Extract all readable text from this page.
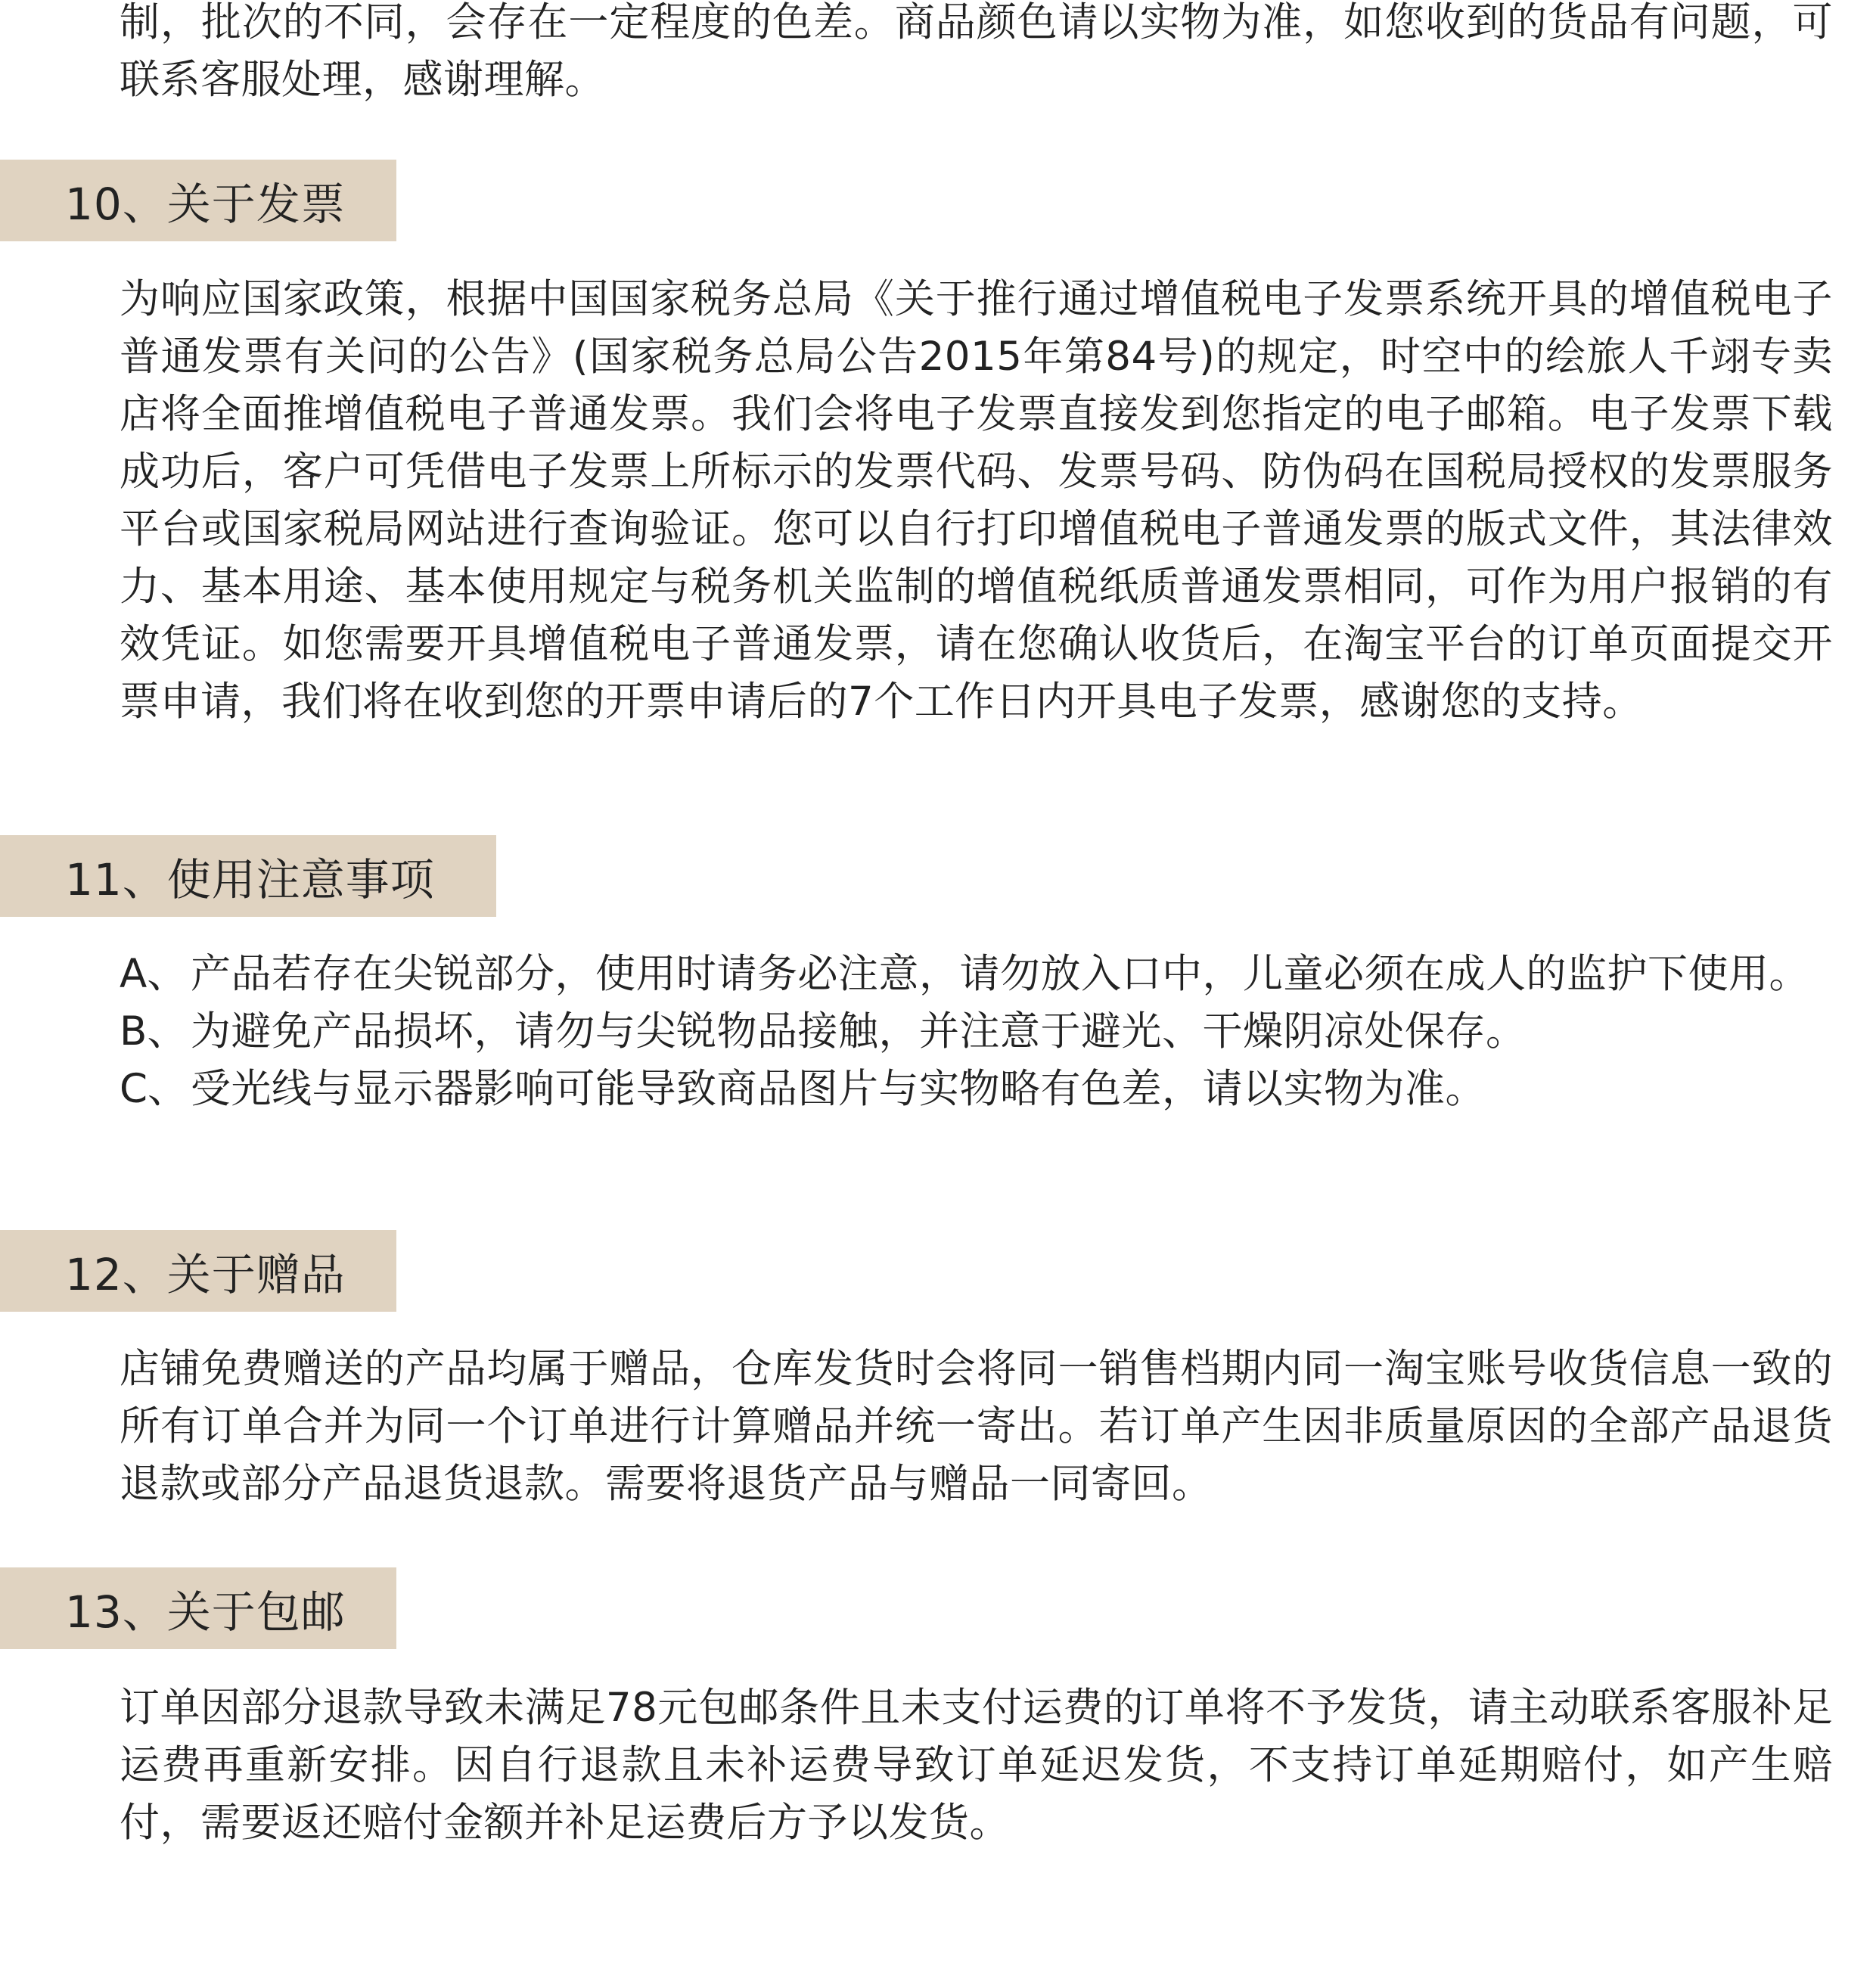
制，批次的不同，会存在一定程度的色差。商品颜色请以实物为准，如您收到的货品有问题，可联系客服处理，感谢理解。

10、关于发票

为响应国家政策，根据中国国家税务总局《关于推行通过增值税电子发票系统开具的增值税电子普通发票有关问的公告》(国家税务总局公告2015年第84号)的规定，时空中的绘旅人千翊专卖店将全面推增值税电子普通发票。我们会将电子发票直接发到您指定的电子邮箱。电子发票下载成功后，客户可凭借电子发票上所标示的发票代码、发票号码、防伪码在国税局授权的发票服务平台或国家税局网站进行查询验证。您可以自行打印增值税电子普通发票的版式文件，其法律效力、基本用途、基本使用规定与税务机关监制的增值税纸质普通发票相同，可作为用户报销的有效凭证。如您需要开具增值税电子普通发票，请在您确认收货后，在淘宝平台的订单页面提交开票申请，我们将在收到您的开票申请后的7个工作日内开具电子发票，感谢您的支持。

11、使用注意事项
A、 产品若存在尖锐部分，使用时请务必注意，请勿放入口中，儿童必须在成人的监护下使用。
B、 为避免产品损坏，请勿与尖锐物品接触，并注意于避光、干燥阴凉处保存。
C、 受光线与显示器影响可能导致商品图片与实物略有色差，请以实物为准。
12、关于赠品

店铺免费赠送的产品均属于赠品，仓库发货时会将同一销售档期内同一淘宝账号收货信息一致的所有订单合并为同一个订单进行计算赠品并统一寄出。若订单产生因非质量原因的全部产品退货退款或部分产品退货退款。需要将退货产品与赠品一同寄回。

13、关于包邮

订单因部分退款导致未满足78元包邮条件且未支付运费的订单将不予发货，请主动联系客服补足运费再重新安排。因自行退款且未补运费导致订单延迟发货，不支持订单延期赔付，如产生赔付，需要返还赔付金额并补足运费后方予以发货。
